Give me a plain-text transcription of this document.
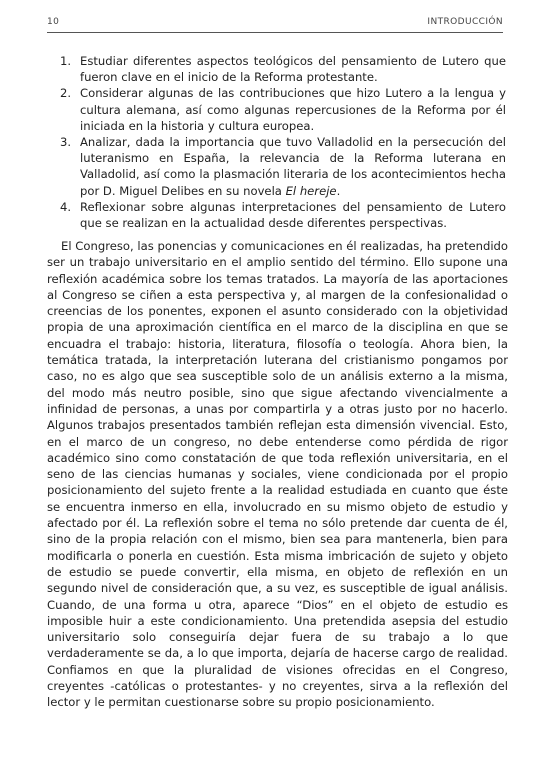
10	INTRODUCCIÓN
1. Estudiar diferentes aspectos teológicos del pensamiento de Lutero que fueron clave en el inicio de la Reforma protestante.
2. Considerar algunas de las contribuciones que hizo Lutero a la lengua y cultura alemana, así como algunas repercusiones de la Reforma por él iniciada en la historia y cultura europea.
3. Analizar, dada la importancia que tuvo Valladolid en la persecución del luteranismo en España, la relevancia de la Reforma luterana en Valladolid, así como la plasmación literaria de los acontecimientos hecha por D. Miguel Delibes en su novela El hereje.
4. Reflexionar sobre algunas interpretaciones del pensamiento de Lutero que se realizan en la actualidad desde diferentes perspectivas.

El Congreso, las ponencias y comunicaciones en él realizadas, ha pretendido ser un trabajo universitario en el amplio sentido del término. Ello supone una reflexión académica sobre los temas tratados. La mayoría de las aportaciones al Congreso se ciñen a esta perspectiva y, al margen de la confesionalidad o creencias de los ponentes, exponen el asunto considerado con la objetividad propia de una aproximación científica en el marco de la disciplina en que se encuadra el trabajo: historia, literatura, filosofía o teología. Ahora bien, la temática tratada, la interpretación luterana del cristianismo pongamos por caso, no es algo que sea susceptible solo de un análisis externo a la misma, del modo más neutro posible, sino que sigue afectando vivencialmente a infinidad de personas, a unas por compartirla y a otras justo por no hacerlo. Algunos trabajos presentados también reflejan esta dimensión vivencial. Esto, en el marco de un congreso, no debe entenderse como pérdida de rigor académico sino como constatación de que toda reflexión universitaria, en el seno de las ciencias humanas y sociales, viene condicionada por el propio posicionamiento del sujeto frente a la realidad estudiada en cuanto que éste se encuentra inmerso en ella, involucrado en su mismo objeto de estudio y afectado por él. La reflexión sobre el tema no sólo pretende dar cuenta de él, sino de la propia relación con el mismo, bien sea para mantenerla, bien para modificarla o ponerla en cuestión. Esta misma imbricación de sujeto y objeto de estudio se puede convertir, ella misma, en objeto de reflexión en un segundo nivel de consideración que, a su vez, es susceptible de igual análisis. Cuando, de una forma u otra, aparece “Dios” en el objeto de estudio es imposible huir a este condicionamiento. Una pretendida asepsia del estudio universitario solo conseguiría dejar fuera de su trabajo a lo que verdaderamente se da, a lo que importa, dejaría de hacerse cargo de realidad. Confiamos en que la pluralidad de visiones ofrecidas en el Congreso, creyentes -católicas o protestantes- y no creyentes, sirva a la reflexión del lector y le permitan cuestionarse sobre su propio posicionamiento.
